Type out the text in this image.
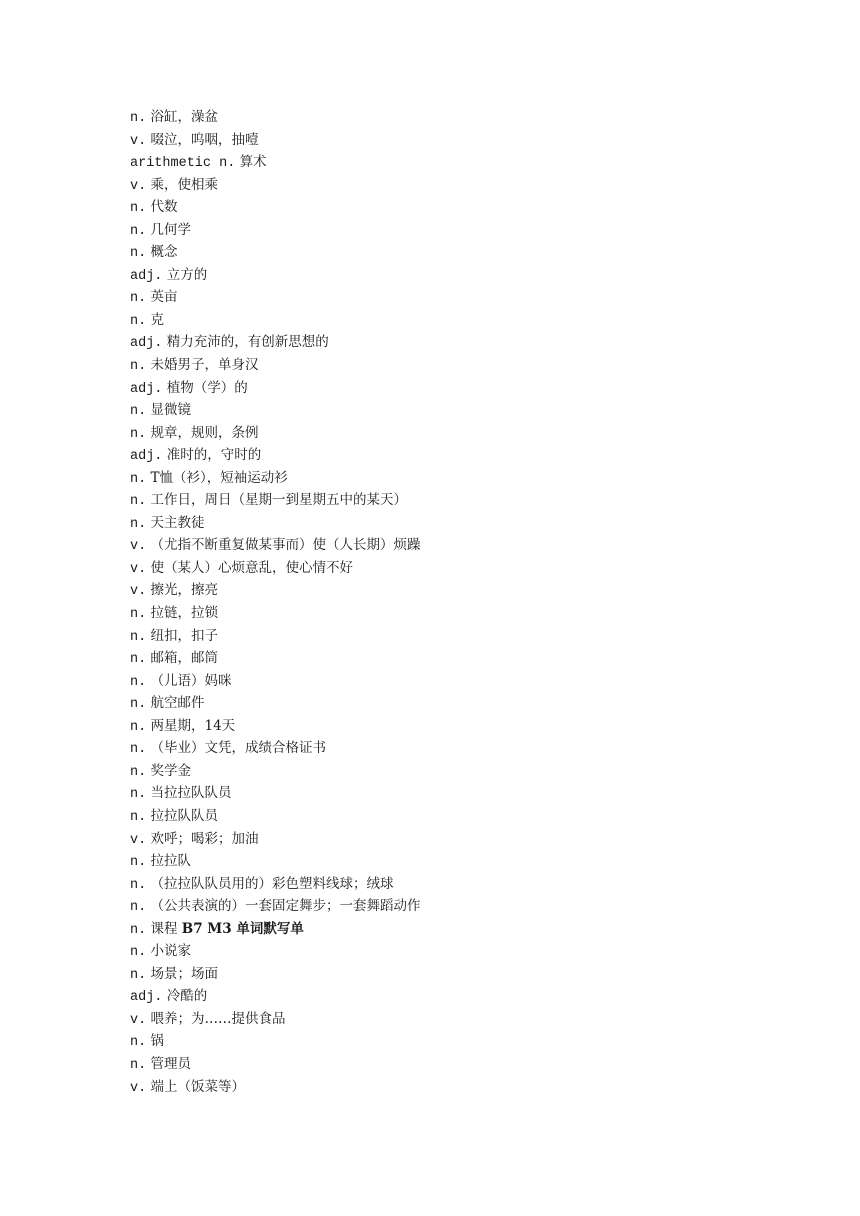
n. 浴缸，澡盆
v. 啜泣，呜咽，抽噎
arithmetic n. 算术
v. 乘，使相乘
n. 代数
n. 几何学
n. 概念
adj. 立方的
n. 英亩
n. 克
adj. 精力充沛的，有创新思想的
n. 未婚男子，单身汉
adj. 植物（学）的
n. 显微镜
n. 规章，规则，条例
adj. 准时的，守时的
n. T恤（衫），短袖运动衫
n. 工作日，周日（星期一到星期五中的某天）
n. 天主教徒
v. （尤指不断重复做某事而）使（人长期）烦躁
v. 使（某人）心烦意乱，使心情不好
v. 擦光，擦亮
n. 拉链，拉锁
n. 纽扣，扣子
n. 邮箱，邮筒
n. （儿语）妈咪
n. 航空邮件
n. 两星期，14天
n. （毕业）文凭，成绩合格证书
n. 奖学金
n. 当拉拉队队员
n. 拉拉队队员
v. 欢呼；喝彩；加油
n. 拉拉队
n. （拉拉队队员用的）彩色塑料线球；绒球
n. （公共表演的）一套固定舞步；一套舞蹈动作
n. 课程 B7 M3 单词默写单
n. 小说家
n. 场景；场面
adj. 冷酷的
v. 喂养；为……提供食品
n. 锅
n. 管理员
v. 端上（饭菜等）
